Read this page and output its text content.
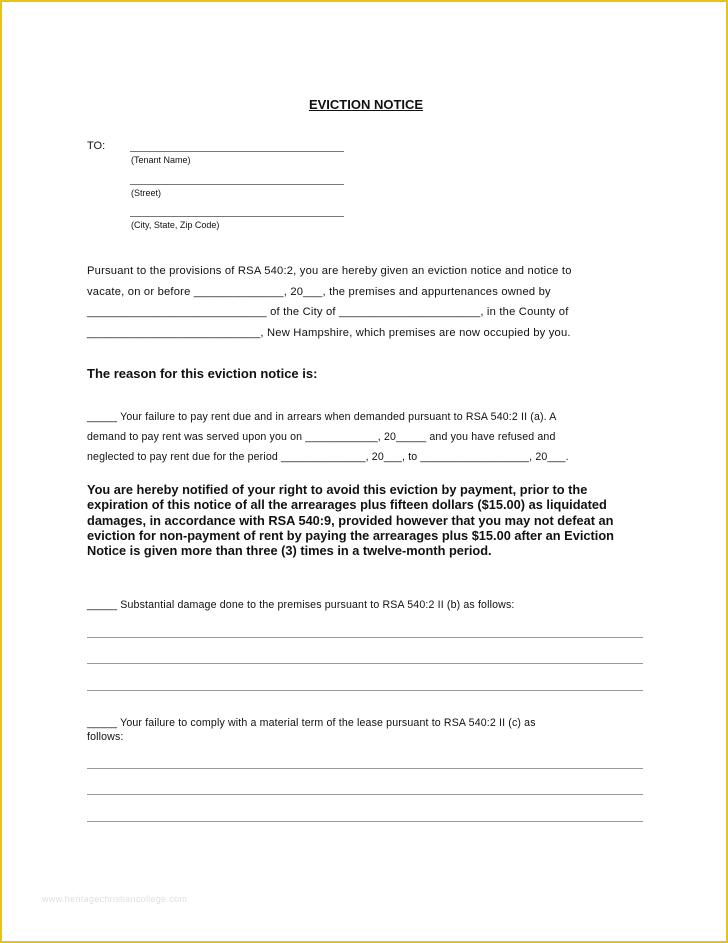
EVICTION NOTICE
TO:
(Tenant Name)
(Street)
(City, State, Zip Code)

Pursuant to the provisions of RSA 540:2, you are hereby given an eviction notice and notice to

vacate, on or before ______________, 20___, the premises and appurtenances owned by

____________________________ of the City of ______________________, in the County of

___________________________, New Hampshire, which premises are now occupied by you.

The reason for this eviction notice is:

_____ Your failure to pay rent due and in arrears when demanded pursuant to RSA 540:2 II (a). A

demand to pay rent was served upon you on ____________, 20_____ and you have refused and

neglected to pay rent due for the period ______________, 20___, to __________________, 20___.

You are hereby notified of your right to avoid this eviction by payment, prior to the expiration of this notice of all the arrearages plus fifteen dollars ($15.00) as liquidated damages, in accordance with RSA 540:9, provided however that you may not defeat an eviction for non-payment of rent by paying the arrearages plus $15.00 after an Eviction Notice is given more than three (3) times in a twelve-month period.
_____ Substantial damage done to the premises pursuant to RSA 540:2 II (b) as follows:

_____ Your failure to comply with a material term of the lease pursuant to RSA 540:2 II (c) as

follows:

www.heritagechristiancollege.com
